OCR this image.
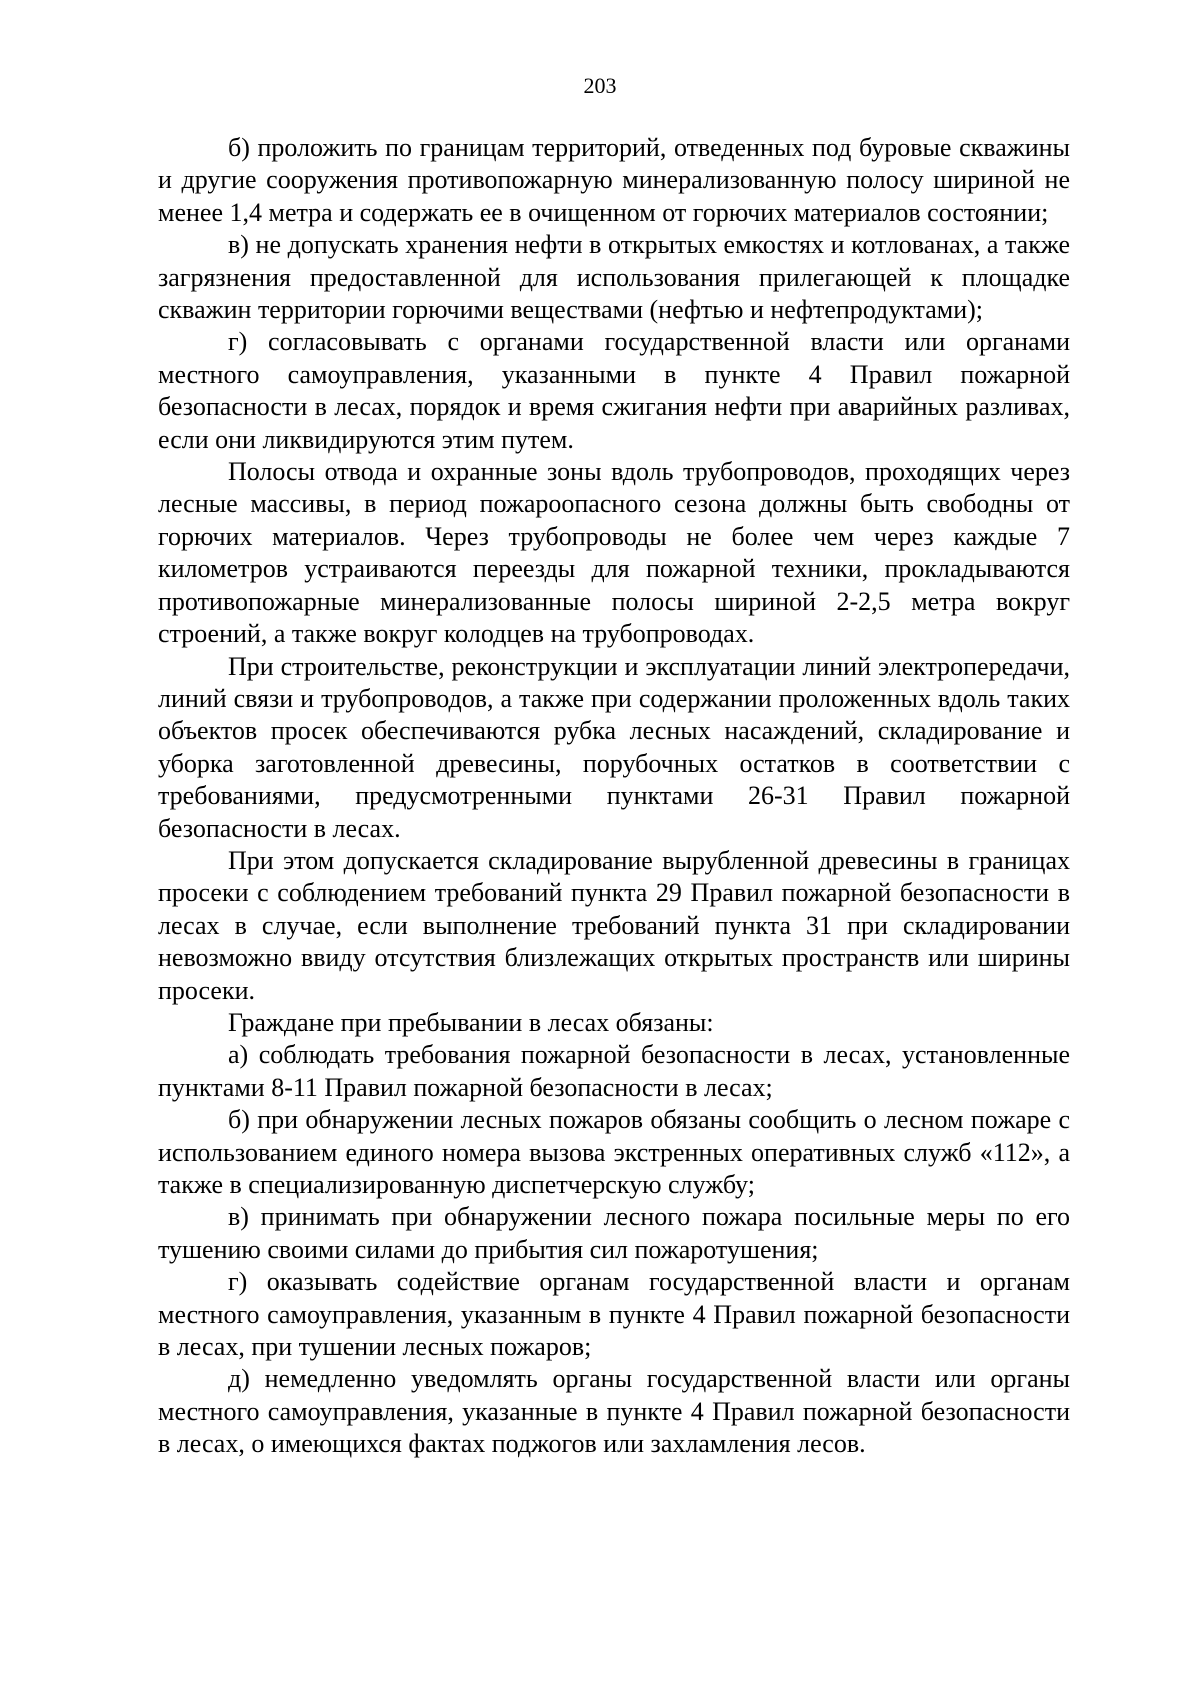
203

б) проложить по границам территорий, отведенных под буровые скважины и другие сооружения противопожарную минерализованную полосу шириной не менее 1,4 метра и содержать ее в очищенном от горючих материалов состоянии;

в) не допускать хранения нефти в открытых емкостях и котлованах, а также загрязнения предоставленной для использования прилегающей к площадке скважин территории горючими веществами (нефтью и нефтепродуктами);

г) согласовывать с органами государственной власти или органами местного самоуправления, указанными в пункте 4 Правил пожарной безопасности в лесах, порядок и время сжигания нефти при аварийных разливах, если они ликвидируются этим путем.

Полосы отвода и охранные зоны вдоль трубопроводов, проходящих через лесные массивы, в период пожароопасного сезона должны быть свободны от горючих материалов. Через трубопроводы не более чем через каждые 7 километров устраиваются переезды для пожарной техники, прокладываются противопожарные минерализованные полосы шириной 2-2,5 метра вокруг строений, а также вокруг колодцев на трубопроводах.

При строительстве, реконструкции и эксплуатации линий электропередачи, линий связи и трубопроводов, а также при содержании проложенных вдоль таких объектов просек обеспечиваются рубка лесных насаждений, складирование и уборка заготовленной древесины, порубочных остатков в соответствии с требованиями, предусмотренными пунктами 26-31 Правил пожарной безопасности в лесах.

При этом допускается складирование вырубленной древесины в границах просеки с соблюдением требований пункта 29 Правил пожарной безопасности в лесах в случае, если выполнение требований пункта 31 при складировании невозможно ввиду отсутствия близлежащих открытых пространств или ширины просеки.

Граждане при пребывании в лесах обязаны:

а) соблюдать требования пожарной безопасности в лесах, установленные пунктами 8-11 Правил пожарной безопасности в лесах;

б) при обнаружении лесных пожаров обязаны сообщить о лесном пожаре с использованием единого номера вызова экстренных оперативных служб «112», а также в специализированную диспетчерскую службу;

в) принимать при обнаружении лесного пожара посильные меры по его тушению своими силами до прибытия сил пожаротушения;

г) оказывать содействие органам государственной власти и органам местного самоуправления, указанным в пункте 4 Правил пожарной безопасности в лесах, при тушении лесных пожаров;

д) немедленно уведомлять органы государственной власти или органы местного самоуправления, указанные в пункте 4 Правил пожарной безопасности в лесах, о имеющихся фактах поджогов или захламления лесов.
